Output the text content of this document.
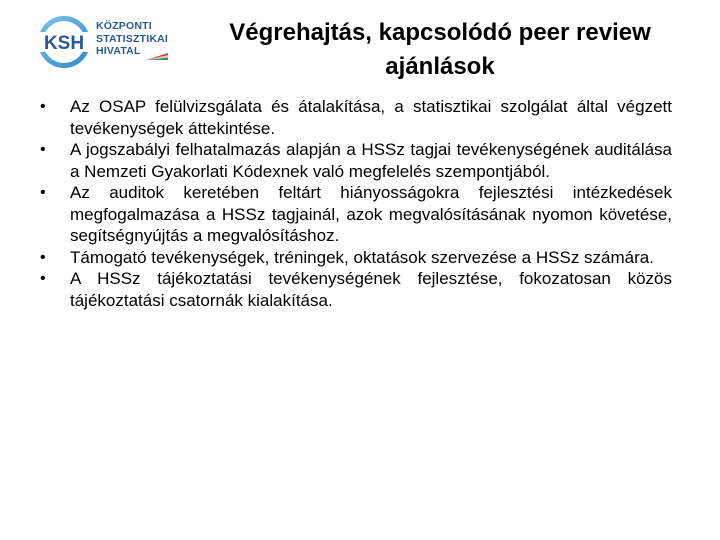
KSH
KÖZPONTI
STATISZTIKAI
HIVATAL
Végrehajtás, kapcsolódó peer review ajánlások
• Az OSAP felülvizsgálata és átalakítása, a statisztikai szolgálat által végzett tevékenységek áttekintése.
• A jogszabályi felhatalmazás alapján a HSSz tagjai tevékenységének auditálása a Nemzeti Gyakorlati Kódexnek való megfelelés szempontjából.
• Az auditok keretében feltárt hiányosságokra fejlesztési intézkedések megfogalmazása a HSSz tagjainál, azok megvalósításának nyomon követése, segítségnyújtás a megvalósításhoz.
• Támogató tevékenységek, tréningek, oktatások szervezése a HSSz számára.
• A HSSz tájékoztatási tevékenységének fejlesztése, fokozatosan közös tájékoztatási csatornák kialakítása.
